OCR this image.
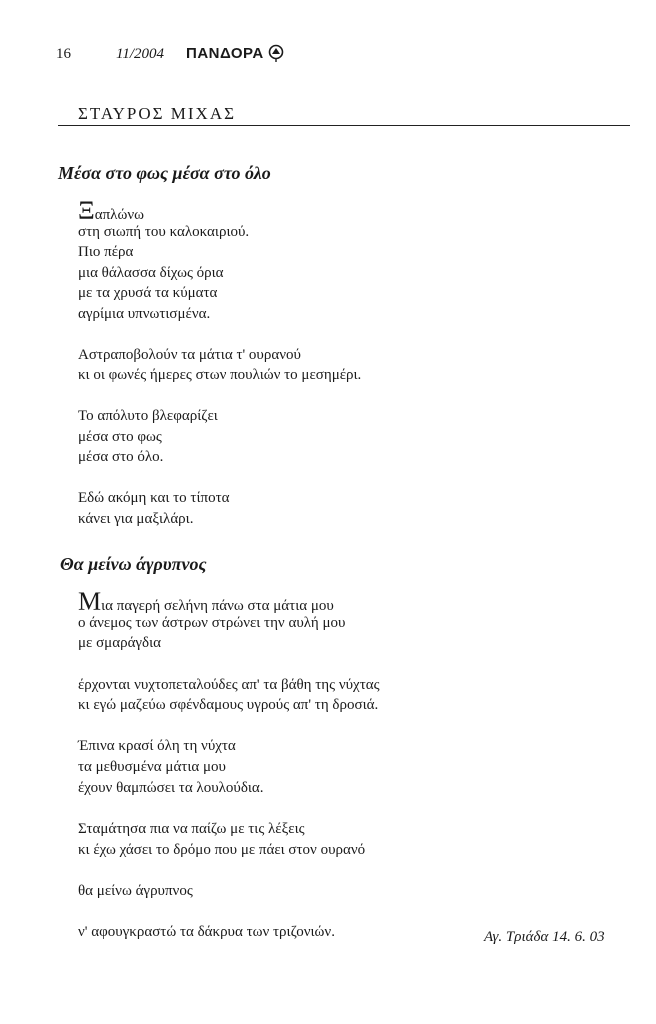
16	11/2004 ΠΑΝΔΟΡΑ
ΣΤΑΥΡΟΣ ΜΙΧΑΣ
Μέσα στο φως μέσα στο όλο
Ξαπλώνω
στη σιωπή του καλοκαιριού.
Πιο πέρα
μια θάλασσα δίχως όρια
με τα χρυσά τα κύματα
αγρίμια υπνωτισμένα.
Αστραποβολούν τα μάτια τ' ουρανού
κι οι φωνές ήμερες στων πουλιών το μεσημέρι.
Το απόλυτο βλεφαρίζει
μέσα στο φως
μέσα στο όλο.
Εδώ ακόμη και το τίποτα
κάνει για μαξιλάρι.
Θα μείνω άγρυπνος
Μια παγερή σελήνη πάνω στα μάτια μου
ο άνεμος των άστρων στρώνει την αυλή μου
με σμαράγδια
έρχονται νυχτοπεταλούδες απ' τα βάθη της νύχτας
κι εγώ μαζεύω σφένδαμους υγρούς απ' τη δροσιά.
Έπινα κρασί όλη τη νύχτα
τα μεθυσμένα μάτια μου
έχουν θαμπώσει τα λουλούδια.
Σταμάτησα πια να παίζω με τις λέξεις
κι έχω χάσει το δρόμο που με πάει στον ουρανό
θα μείνω άγρυπνος
ν' αφουγκραστώ τα δάκρυα των τριζονιών.	Αγ. Τριάδα 14. 6. 03
